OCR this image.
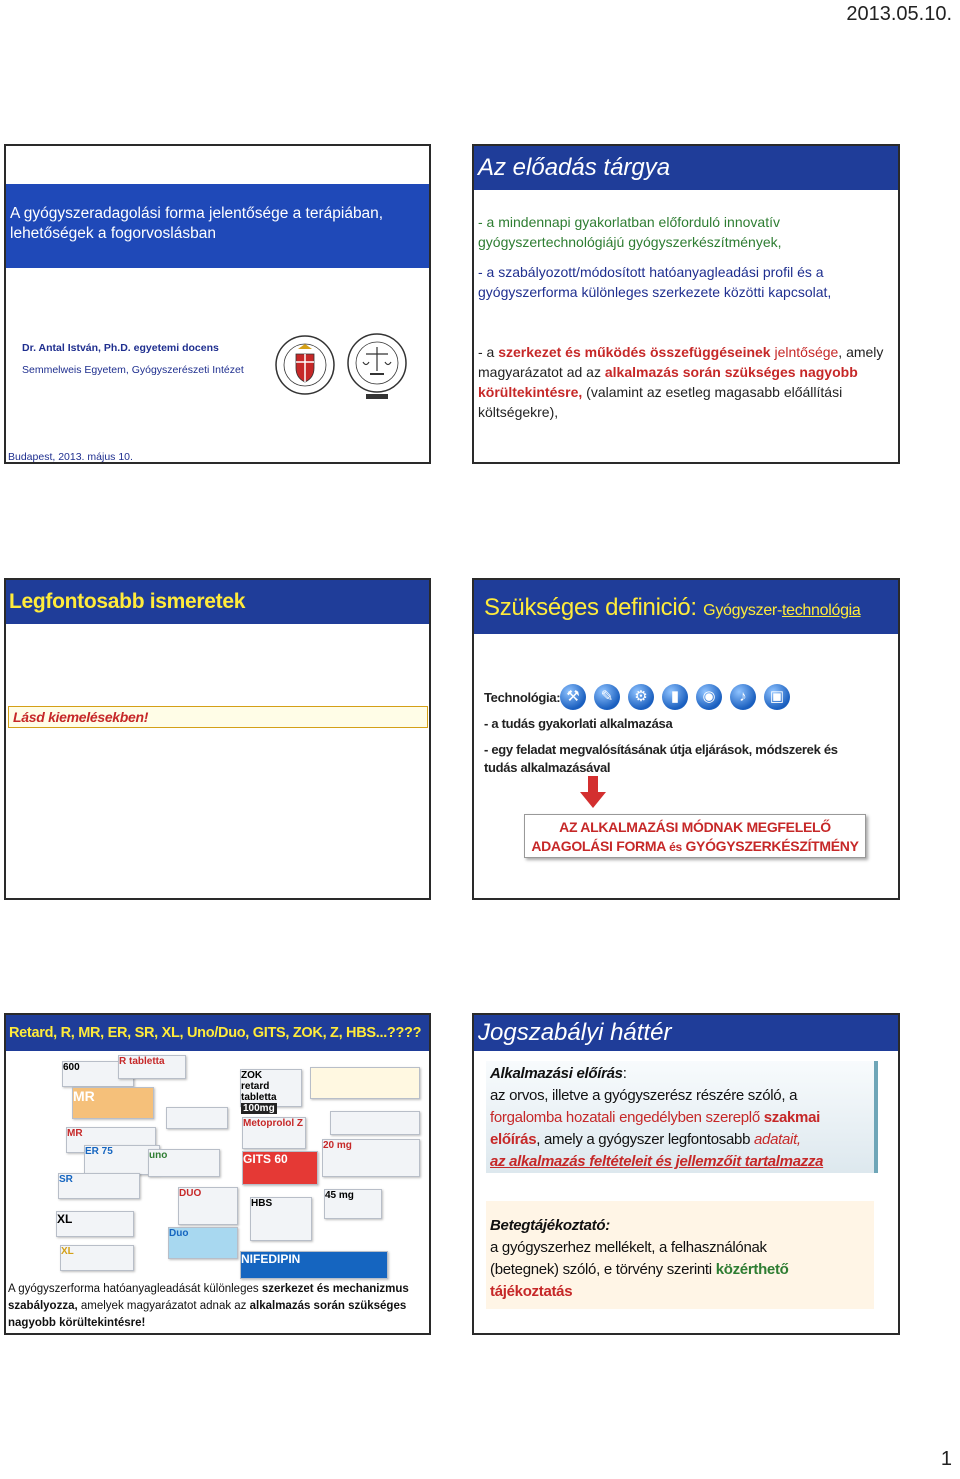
2013.05.10.
1
A gyógyszeradagolási forma jelentősége a terápiában, lehetőségek a fogorvoslásban
Dr. Antal István, Ph.D. egyetemi docens
Semmelweis Egyetem, Gyógyszerészeti Intézet
Budapest, 2013. május 10.
Az előadás tárgya
- a mindennapi gyakorlatban előforduló innovatív gyógyszertechnológiájú gyógyszerkészítmények,
- a szabályozott/módosított hatóanyagleadási profil és a gyógyszerforma különleges szerkezete közötti kapcsolat,
- a szerkezet és működés összefüggéseinek jelntősége, amely magyarázatot ad az alkalmazás során szükséges nagyobb körültekintésre, (valamint az esetleg magasabb előállítási költségekre),
Legfontosabb ismeretek
Lásd kiemelésekben!
Szükséges definició: Gyógyszer-technológia
Technológia: ⚒ ✎ ⚙ ▮ ◉ ♪ ▣
- a tudás gyakorlati alkalmazása
- egy feladat megvalósításának útja eljárások, módszerek és tudás alkalmazásával
AZ ALKALMAZÁSI MÓDNAK MEGFELELŐ
ADAGOLÁSI FORMA és GYÓGYSZERKÉSZÍTMÉNY
Retard, R, MR, ER, SR, XL, Uno/Duo, GITS, ZOK, Z, HBS...????
600
R tabletta
MR
ZOK
retard tabletta
100mg
Metoprolol Z
MR
ER 75	uno	GITS 60
20 mg
SR
DUO
XL
Duo
HBS
45 mg
XL
NIFEDIPIN
A gyógyszerforma hatóanyagleadását különleges szerkezet és mechanizmus szabályozza, amelyek magyarázatot adnak az alkalmazás során szükséges nagyobb körültekintésre!
Jogszabályi háttér
Alkalmazási előírás:
az orvos, illetve a gyógyszerész részére szóló, a
forgalomba hozatali engedélyben szereplő szakmai
előírás, amely a gyógyszer legfontosabb adatait,
az alkalmazás feltételeit és jellemzőit tartalmazza
Betegtájékoztató:
a gyógyszerhez mellékelt, a felhasználónak
(betegnek) szóló, e törvény szerinti közérthető
tájékoztatás
